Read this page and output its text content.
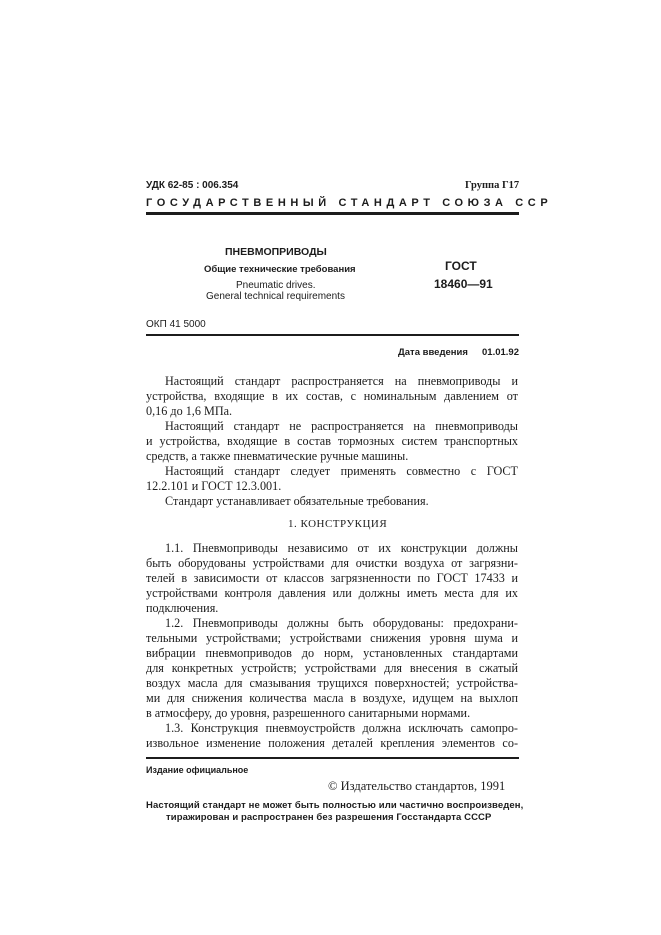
УДК 62-85 : 006.354	Группа Г17
ГОСУДАРСТВЕННЫЙ СТАНДАРТ СОЮЗА ССР
ПНЕВМОПРИВОДЫ
Общие технические требования
Pneumatic drives.
General technical requirements
ГОСТ
18460—91
ОКП 41 5000
Дата введения 01.01.92
Настоящий стандарт распространяется на пневмоприводы и
устройства, входящие в их состав, с номинальным давлением от
0,16 до 1,6 МПа.
Настоящий стандарт не распространяется на пневмоприводы
и устройства, входящие в состав тормозных систем транспортных
средств, а также пневматические ручные машины.
Настоящий стандарт следует применять совместно с ГОСТ
12.2.101 и ГОСТ 12.3.001.
Стандарт устанавливает обязательные требования.
1. КОНСТРУКЦИЯ
1.1. Пневмоприводы независимо от их конструкции должны
быть оборудованы устройствами для очистки воздуха от загрязни-
телей в зависимости от классов загрязненности по ГОСТ 17433 и
устройствами контроля давления или должны иметь места для их
подключения.
1.2. Пневмоприводы должны быть оборудованы: предохрани-
тельными устройствами; устройствами снижения уровня шума и
вибрации пневмоприводов до норм, установленных стандартами
для конкретных устройств; устройствами для внесения в сжатый
воздух масла для смазывания трущихся поверхностей; устройства-
ми для снижения количества масла в воздухе, идущем на выхлоп
в атмосферу, до уровня, разрешенного санитарными нормами.
1.3. Конструкция пневмоустройств должна исключать самопро-
извольное изменение положения деталей крепления элементов со-
Издание официальное
© Издательство стандартов, 1991
Настоящий стандарт не может быть полностью или частично воспроизведен,
тиражирован и распространен без разрешения Госстандарта СССР
